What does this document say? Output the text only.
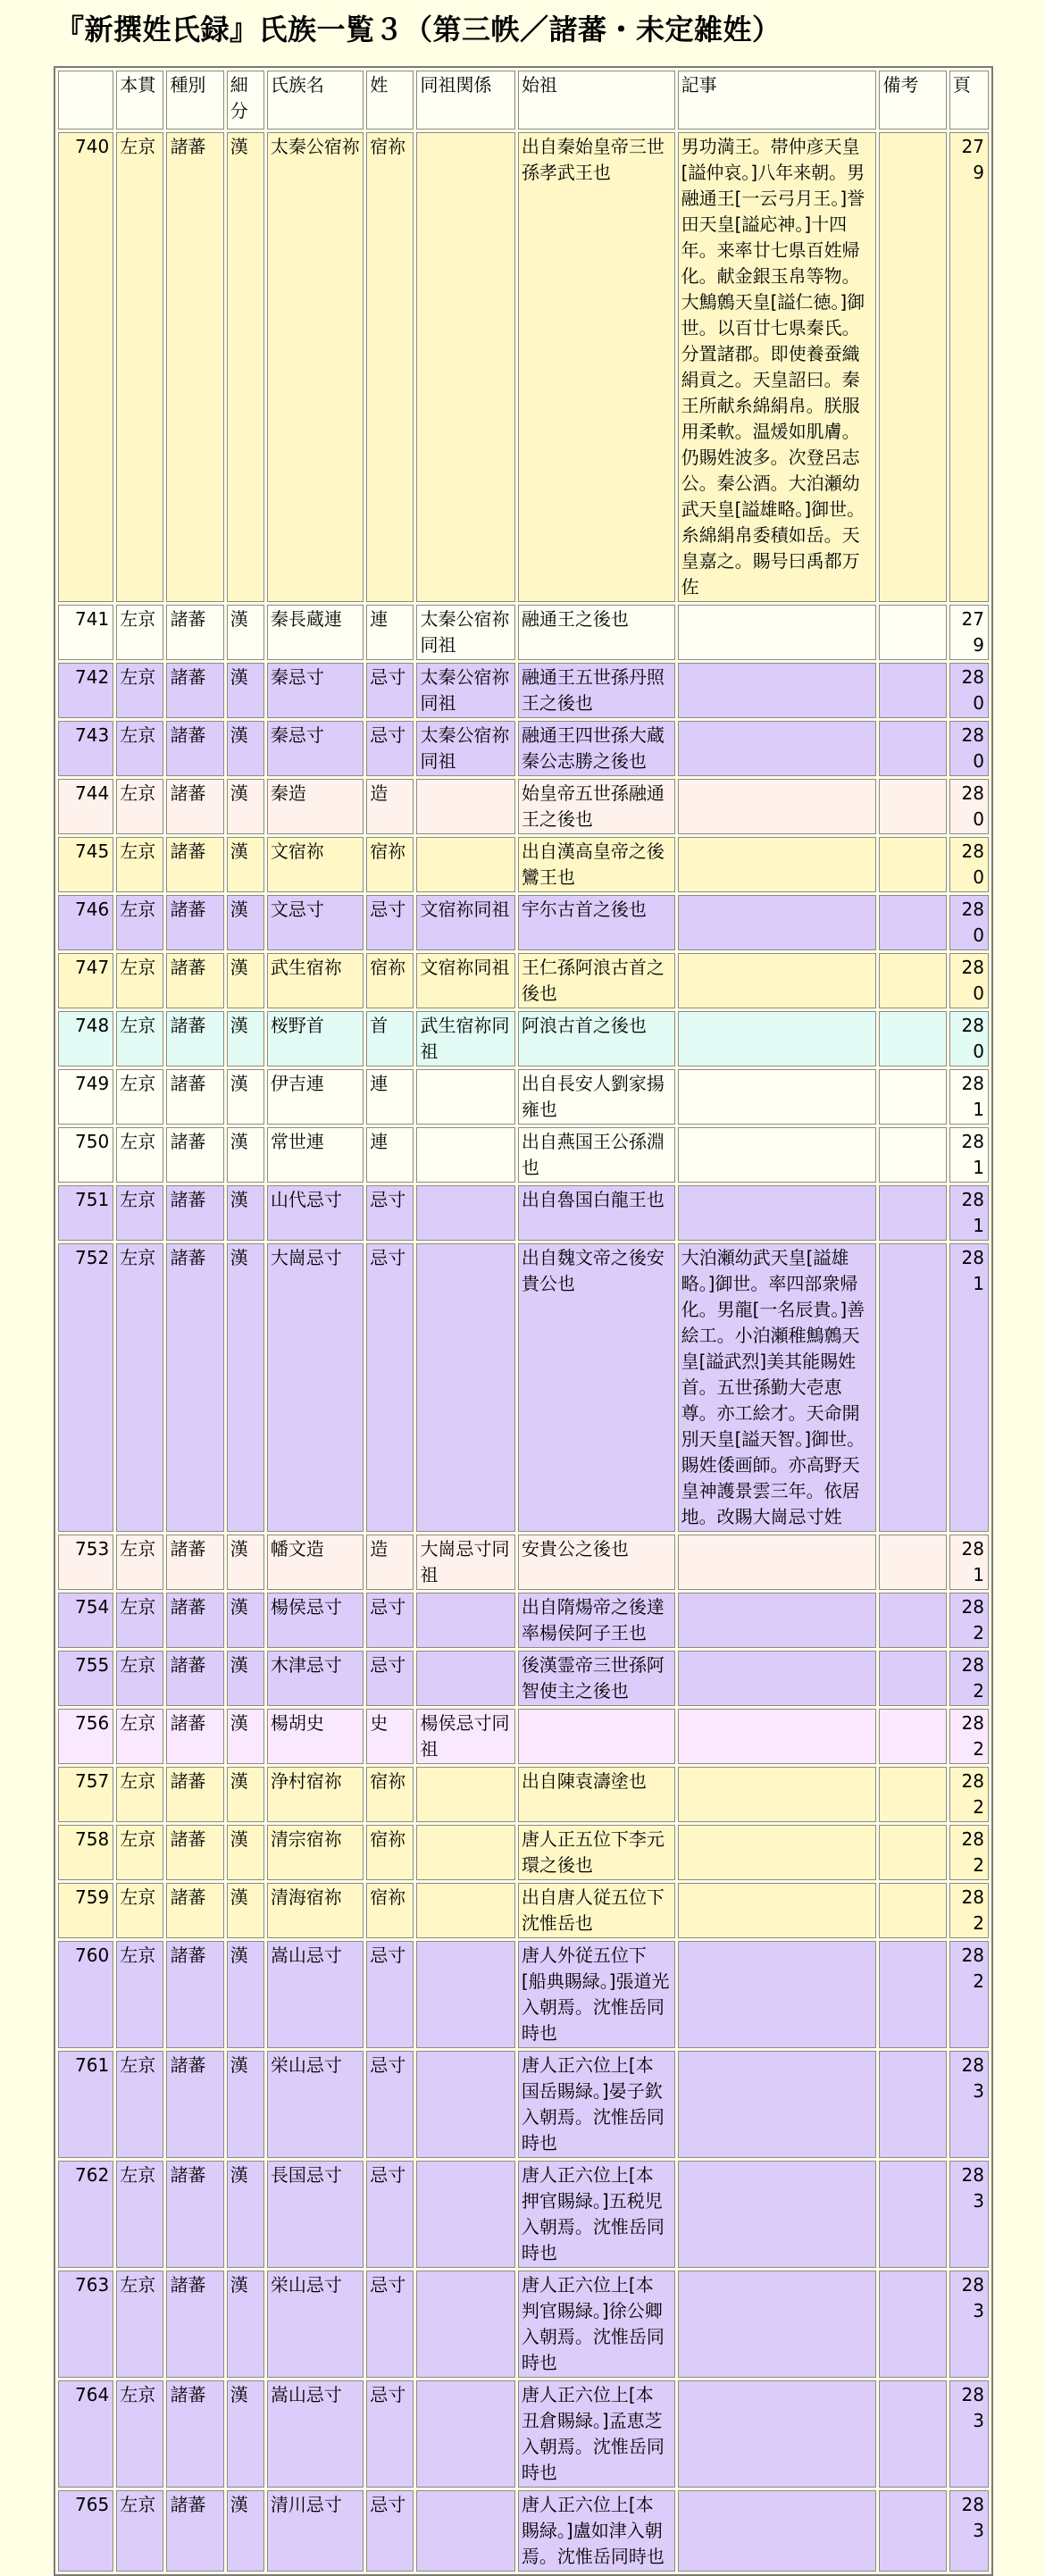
『新撰姓氏録』氏族一覧３（第三帙／諸蕃・未定雑姓）
	本貫	種別	細分	氏族名	姓	同祖関係	始祖	記事	備考	頁
740	左京	諸蕃	漢	太秦公宿祢	宿祢		出自秦始皇帝三世孫孝武王也	男功満王。帯仲彦天皇[謚仲哀。]八年来朝。男融通王[一云弓月王。]誉田天皇[謚応神。]十四年。来率廿七県百姓帰化。献金銀玉帛等物。大鷦鷯天皇[謚仁徳。]御世。以百廿七県秦氏。分置諸郡。即使養蚕織絹貢之。天皇詔曰。秦王所献糸綿絹帛。朕服用柔軟。温煖如肌膚。仍賜姓波多。次登呂志公。秦公酒。大泊瀬幼武天皇[謚雄略。]御世。糸綿絹帛委積如岳。天皇嘉之。賜号曰禹都万佐		279
741	左京	諸蕃	漢	秦長蔵連	連	太秦公宿祢同祖	融通王之後也			279
742	左京	諸蕃	漢	秦忌寸	忌寸	太秦公宿祢同祖	融通王五世孫丹照王之後也			280
743	左京	諸蕃	漢	秦忌寸	忌寸	太秦公宿祢同祖	融通王四世孫大蔵秦公志勝之後也			280
744	左京	諸蕃	漢	秦造	造		始皇帝五世孫融通王之後也			280
745	左京	諸蕃	漢	文宿祢	宿祢		出自漢高皇帝之後鸞王也			280
746	左京	諸蕃	漢	文忌寸	忌寸	文宿祢同祖	宇尓古首之後也			280
747	左京	諸蕃	漢	武生宿祢	宿祢	文宿祢同祖	王仁孫阿浪古首之後也			280
748	左京	諸蕃	漢	桜野首	首	武生宿祢同祖	阿浪古首之後也			280
749	左京	諸蕃	漢	伊吉連	連		出自長安人劉家揚雍也			281
750	左京	諸蕃	漢	常世連	連		出自燕国王公孫淵也			281
751	左京	諸蕃	漢	山代忌寸	忌寸		出自魯国白龍王也			281
752	左京	諸蕃	漢	大崗忌寸	忌寸		出自魏文帝之後安貴公也	大泊瀬幼武天皇[謚雄略。]御世。率四部衆帰化。男龍[一名辰貴。]善絵工。小泊瀬稚鷦鷯天皇[謚武烈]美其能賜姓首。五世孫勤大壱恵尊。亦工絵才。天命開別天皇[謚天智。]御世。賜姓倭画師。亦高野天皇神護景雲三年。依居地。改賜大崗忌寸姓		281
753	左京	諸蕃	漢	幡文造	造	大崗忌寸同祖	安貴公之後也			281
754	左京	諸蕃	漢	楊侯忌寸	忌寸		出自隋煬帝之後達率楊侯阿子王也			282
755	左京	諸蕃	漢	木津忌寸	忌寸		後漢霊帝三世孫阿智使主之後也			282
756	左京	諸蕃	漢	楊胡史	史	楊侯忌寸同祖				282
757	左京	諸蕃	漢	浄村宿祢	宿祢		出自陳袁濤塗也			282
758	左京	諸蕃	漢	清宗宿祢	宿祢		唐人正五位下李元環之後也			282
759	左京	諸蕃	漢	清海宿祢	宿祢		出自唐人従五位下沈惟岳也			282
760	左京	諸蕃	漢	嵩山忌寸	忌寸		唐人外従五位下[船典賜緑。]張道光入朝焉。沈惟岳同時也			282
761	左京	諸蕃	漢	栄山忌寸	忌寸		唐人正六位上[本国岳賜緑。]晏子欽入朝焉。沈惟岳同時也			283
762	左京	諸蕃	漢	長国忌寸	忌寸		唐人正六位上[本押官賜緑。]五税児入朝焉。沈惟岳同時也			283
763	左京	諸蕃	漢	栄山忌寸	忌寸		唐人正六位上[本判官賜緑。]徐公卿入朝焉。沈惟岳同時也			283
764	左京	諸蕃	漢	嵩山忌寸	忌寸		唐人正六位上[本丑倉賜緑。]孟恵芝入朝焉。沈惟岳同時也			283
765	左京	諸蕃	漢	清川忌寸	忌寸		唐人正六位上[本賜緑。]盧如津入朝焉。沈惟岳同時也			283
